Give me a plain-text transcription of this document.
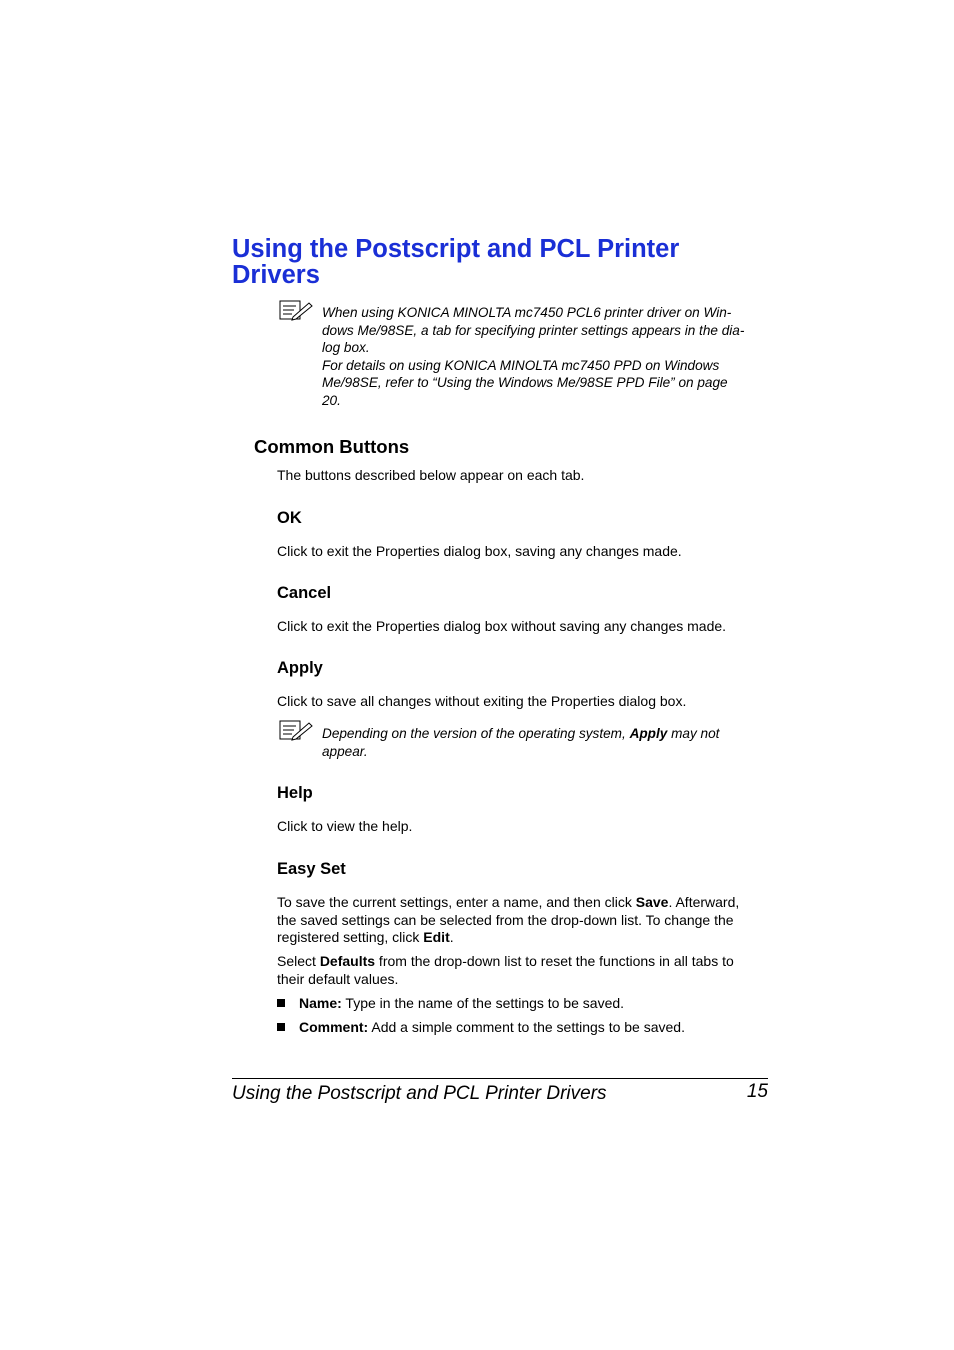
Using the Postscript and PCL Printer
Drivers
When using KONICA MINOLTA mc7450 PCL6 printer driver on Win-
dows Me/98SE, a tab for specifying printer settings appears in the dia-
log box.
For details on using KONICA MINOLTA mc7450 PPD on Windows
Me/98SE, refer to “Using the Windows Me/98SE PPD File” on page
20.
Common Buttons

The buttons described below appear on each tab.

OK

Click to exit the Properties dialog box, saving any changes made.

Cancel

Click to exit the Properties dialog box without saving any changes made.

Apply

Click to save all changes without exiting the Properties dialog box.

Depending on the version of the operating system, Apply may not
appear.
Help

Click to view the help.

Easy Set
To save the current settings, enter a name, and then click Save. Afterward,
the saved settings can be selected from the drop-down list. To change the
registered setting, click Edit.
Select Defaults from the drop-down list to reset the functions in all tabs to
their default values.
Name: Type in the name of the settings to be saved.
Comment: Add a simple comment to the settings to be saved.

Using the Postscript and PCL Printer Drivers	15
